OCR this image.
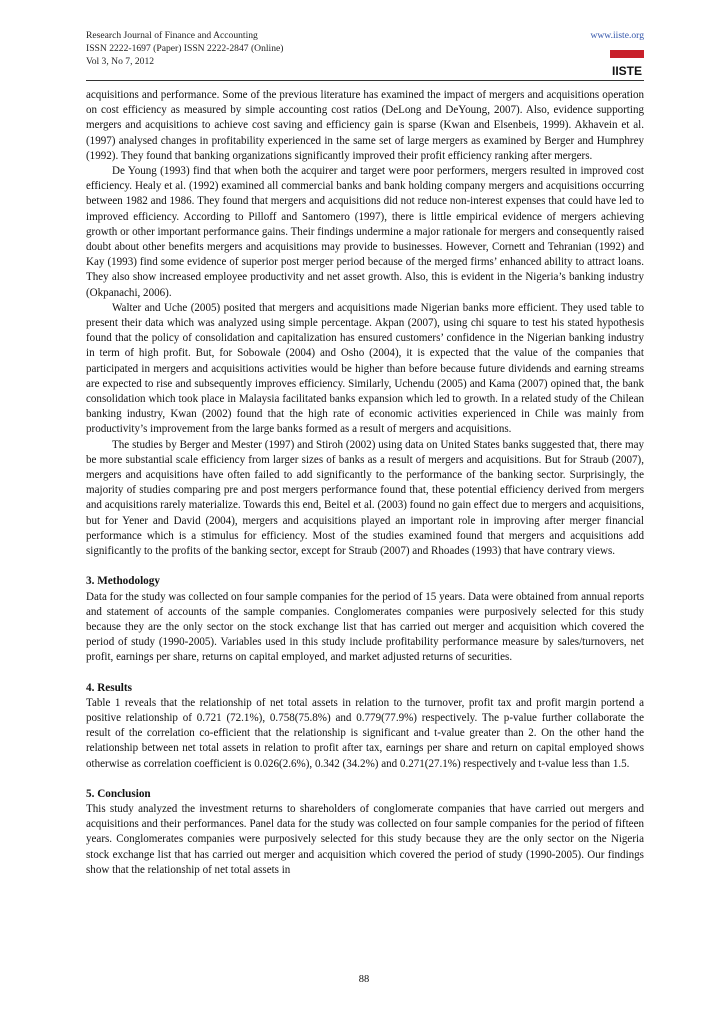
Research Journal of Finance and Accounting
ISSN 2222-1697 (Paper) ISSN 2222-2847 (Online)
Vol 3, No 7, 2012
www.iiste.org
IISTE

acquisitions and performance. Some of the previous literature has examined the impact of mergers and acquisitions operation on cost efficiency as measured by simple accounting cost ratios (DeLong and DeYoung, 2007). Also, evidence supporting mergers and acquisitions to achieve cost saving and efficiency gain is sparse (Kwan and Elsenbeis, 1999). Akhavein et al. (1997) analysed changes in profitability experienced in the same set of large mergers as examined by Berger and Humphrey (1992). They found that banking organizations significantly improved their profit efficiency ranking after mergers.

De Young (1993) find that when both the acquirer and target were poor performers, mergers resulted in improved cost efficiency. Healy et al. (1992) examined all commercial banks and bank holding company mergers and acquisitions occurring between 1982 and 1986. They found that mergers and acquisitions did not reduce non-interest expenses that could have led to improved efficiency. According to Pilloff and Santomero (1997), there is little empirical evidence of mergers achieving growth or other important performance gains. Their findings undermine a major rationale for mergers and consequently raised doubt about other benefits mergers and acquisitions may provide to businesses. However, Cornett and Tehranian (1992) and Kay (1993) find some evidence of superior post merger period because of the merged firms’ enhanced ability to attract loans. They also show increased employee productivity and net asset growth. Also, this is evident in the Nigeria’s banking industry (Okpanachi, 2006).

Walter and Uche (2005) posited that mergers and acquisitions made Nigerian banks more efficient. They used table to present their data which was analyzed using simple percentage. Akpan (2007), using chi square to test his stated hypothesis found that the policy of consolidation and capitalization has ensured customers’ confidence in the Nigerian banking industry in term of high profit. But, for Sobowale (2004) and Osho (2004), it is expected that the value of the companies that participated in mergers and acquisitions activities would be higher than before because future dividends and earning streams are expected to rise and subsequently improves efficiency. Similarly, Uchendu (2005) and Kama (2007) opined that, the bank consolidation which took place in Malaysia facilitated banks expansion which led to growth. In a related study of the Chilean banking industry, Kwan (2002) found that the high rate of economic activities experienced in Chile was mainly from productivity’s improvement from the large banks formed as a result of mergers and acquisitions.

The studies by Berger and Mester (1997) and Stiroh (2002) using data on United States banks suggested that, there may be more substantial scale efficiency from larger sizes of banks as a result of mergers and acquisitions. But for Straub (2007), mergers and acquisitions have often failed to add significantly to the performance of the banking sector. Surprisingly, the majority of studies comparing pre and post mergers performance found that, these potential efficiency derived from mergers and acquisitions rarely materialize. Towards this end, Beitel et al. (2003) found no gain effect due to mergers and acquisitions, but for Yener and David (2004), mergers and acquisitions played an important role in improving after merger financial performance which is a stimulus for efficiency. Most of the studies examined found that mergers and acquisitions add significantly to the profits of the banking sector, except for Straub (2007) and Rhoades (1993) that have contrary views.

3. Methodology

Data for the study was collected on four sample companies for the period of 15 years. Data were obtained from annual reports and statement of accounts of the sample companies. Conglomerates companies were purposively selected for this study because they are the only sector on the stock exchange list that has carried out merger and acquisition which covered the period of study (1990-2005). Variables used in this study include profitability performance measure by sales/turnovers, net profit, earnings per share, returns on capital employed, and market adjusted returns of securities.

4. Results

Table 1 reveals that the relationship of net total assets in relation to the turnover, profit tax and profit margin portend a positive relationship of 0.721 (72.1%), 0.758(75.8%) and 0.779(77.9%) respectively. The p-value further collaborate the result of the correlation co-efficient that the relationship is significant and t-value greater than 2. On the other hand the relationship between net total assets in relation to profit after tax, earnings per share and return on capital employed shows otherwise as correlation coefficient is 0.026(2.6%), 0.342 (34.2%) and 0.271(27.1%) respectively and t-value less than 1.5.

5. Conclusion

This study analyzed the investment returns to shareholders of conglomerate companies that have carried out mergers and acquisitions and their performances. Panel data for the study was collected on four sample companies for the period of fifteen years. Conglomerates companies were purposively selected for this study because they are the only sector on the Nigeria stock exchange list that has carried out merger and acquisition which covered the period of study (1990-2005). Our findings show that the relationship of net total assets in

88
